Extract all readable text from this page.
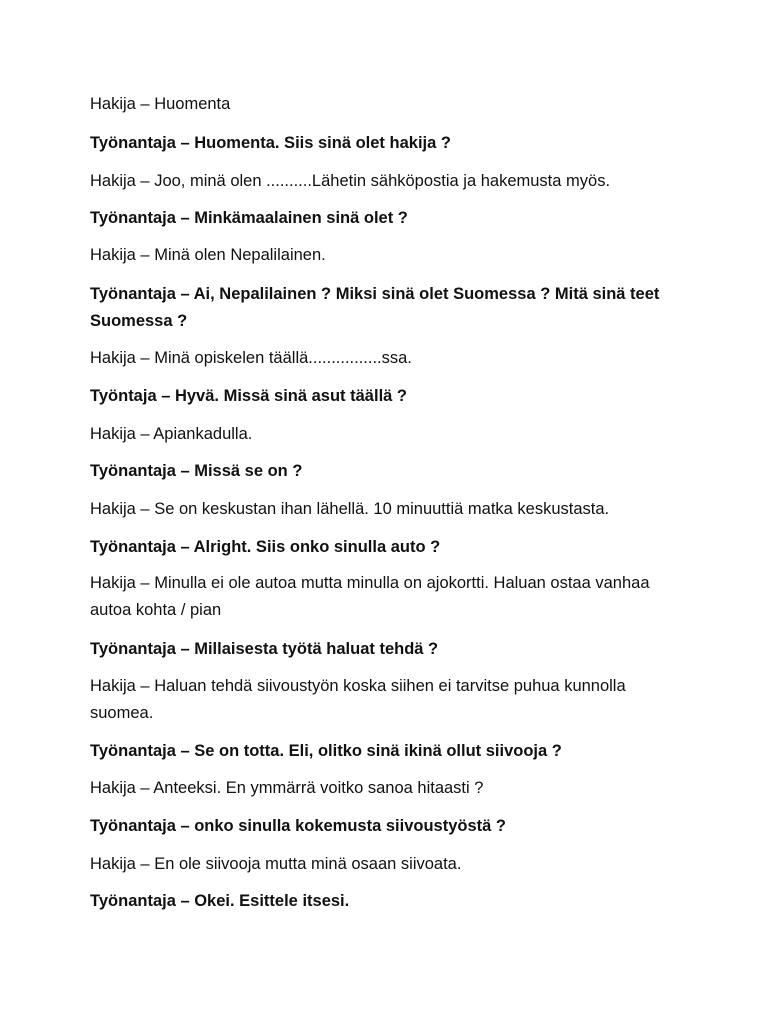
Hakija – Huomenta
Työnantaja – Huomenta. Siis sinä olet hakija ?
Hakija – Joo, minä olen ..........Lähetin sähköpostia ja hakemusta myös.
Työnantaja – Minkämaalainen sinä olet ?
Hakija – Minä olen Nepalilainen.
Työnantaja – Ai, Nepalilainen ? Miksi sinä olet Suomessa ? Mitä sinä teet Suomessa ?
Hakija – Minä opiskelen täällä................ssa.
Työntaja – Hyvä. Missä sinä asut täällä ?
Hakija – Apiankadulla.
Työnantaja – Missä se on ?
Hakija – Se on keskustan ihan lähellä. 10 minuuttiä matka keskustasta.
Työnantaja – Alright. Siis onko sinulla auto ?
Hakija – Minulla ei ole autoa mutta minulla on ajokortti. Haluan ostaa vanhaa autoa kohta / pian
Työnantaja – Millaisesta työtä haluat tehdä ?
Hakija – Haluan tehdä siivoustyön koska siihen ei tarvitse puhua kunnolla suomea.
Työnantaja – Se on totta. Eli, olitko sinä ikinä ollut siivooja ?
Hakija – Anteeksi. En ymmärrä voitko sanoa hitaasti ?
Työnantaja – onko sinulla kokemusta siivoustyöstä ?
Hakija – En ole siivooja mutta minä osaan siivoata.
Työnantaja – Okei. Esittele itsesi.
